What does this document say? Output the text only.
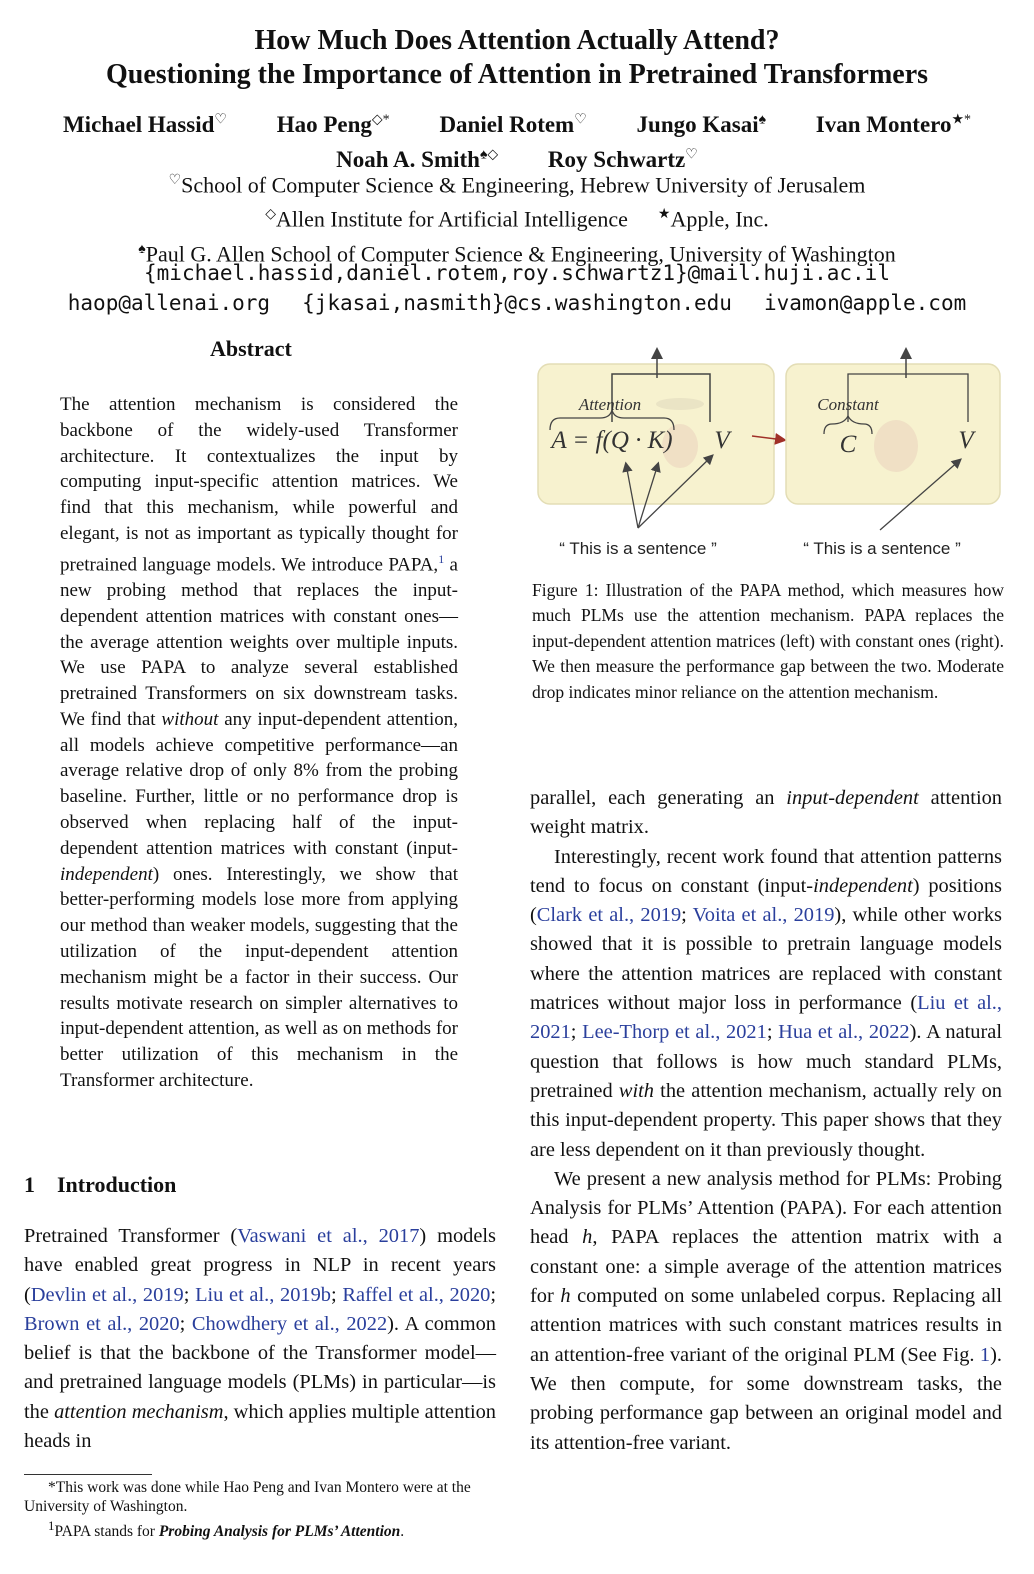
How Much Does Attention Actually Attend?
Questioning the Importance of Attention in Pretrained Transformers
Michael Hassid♡ Hao Peng◇* Daniel Rotem♡ Jungo Kasai♠ Ivan Montero★*
Noah A. Smith♠◇ Roy Schwartz♡
♡School of Computer Science & Engineering, Hebrew University of Jerusalem
◇Allen Institute for Artificial Intelligence ★Apple, Inc.
♠Paul G. Allen School of Computer Science & Engineering, University of Washington
{michael.hassid,daniel.rotem,roy.schwartz1}@mail.huji.ac.il
haop@allenai.org {jkasai,nasmith}@cs.washington.edu ivamon@apple.com
Abstract
The attention mechanism is considered the backbone of the widely-used Transformer architecture. It contextualizes the input by computing input-specific attention matrices. We find that this mechanism, while powerful and elegant, is not as important as typically thought for pretrained language models. We introduce PAPA,$^1$ a new probing method that replaces the input-dependent attention matrices with constant ones—the average attention weights over multiple inputs. We use PAPA to analyze several established pretrained Transformers on six downstream tasks. We find that without any input-dependent attention, all models achieve competitive performance—an average relative drop of only 8% from the probing baseline. Further, little or no performance drop is observed when replacing half of the input-dependent attention matrices with constant (input-independent) ones. Interestingly, we show that better-performing models lose more from applying our method than weaker models, suggesting that the utilization of the input-dependent attention mechanism might be a factor in their success. Our results motivate research on simpler alternatives to input-dependent attention, as well as on methods for better utilization of this mechanism in the Transformer architecture.
1 Introduction
Pretrained Transformer (Vaswani et al., 2017) models have enabled great progress in NLP in recent years (Devlin et al., 2019; Liu et al., 2019b; Raffel et al., 2020; Brown et al., 2020; Chowdhery et al., 2022). A common belief is that the backbone of the Transformer model—and pretrained language models (PLMs) in particular—is the attention mechanism, which applies multiple attention heads in

*This work was done while Hao Peng and Ivan Montero were at the University of Washington.

$^1$PAPA stands for Probing Analysis for PLMs’ Attention.

Attention
A = f(Q · K) V
Constant
C	V
“ This is a sentence ”	“ This is a sentence ”
Figure 1: Illustration of the PAPA method, which measures how much PLMs use the attention mechanism. PAPA replaces the input-dependent attention matrices (left) with constant ones (right). We then measure the performance gap between the two. Moderate drop indicates minor reliance on the attention mechanism.

parallel, each generating an input-dependent attention weight matrix.

Interestingly, recent work found that attention patterns tend to focus on constant (input-independent) positions (Clark et al., 2019; Voita et al., 2019), while other works showed that it is possible to pretrain language models where the attention matrices are replaced with constant matrices without major loss in performance (Liu et al., 2021; Lee-Thorp et al., 2021; Hua et al., 2022). A natural question that follows is how much standard PLMs, pretrained with the attention mechanism, actually rely on this input-dependent property. This paper shows that they are less dependent on it than previously thought.

We present a new analysis method for PLMs: Probing Analysis for PLMs’ Attention (PAPA). For each attention head h, PAPA replaces the attention matrix with a constant one: a simple average of the attention matrices for h computed on some unlabeled corpus. Replacing all attention matrices with such constant matrices results in an attention-free variant of the original PLM (See Fig. 1). We then compute, for some downstream tasks, the probing performance gap between an original model and its attention-free variant.
